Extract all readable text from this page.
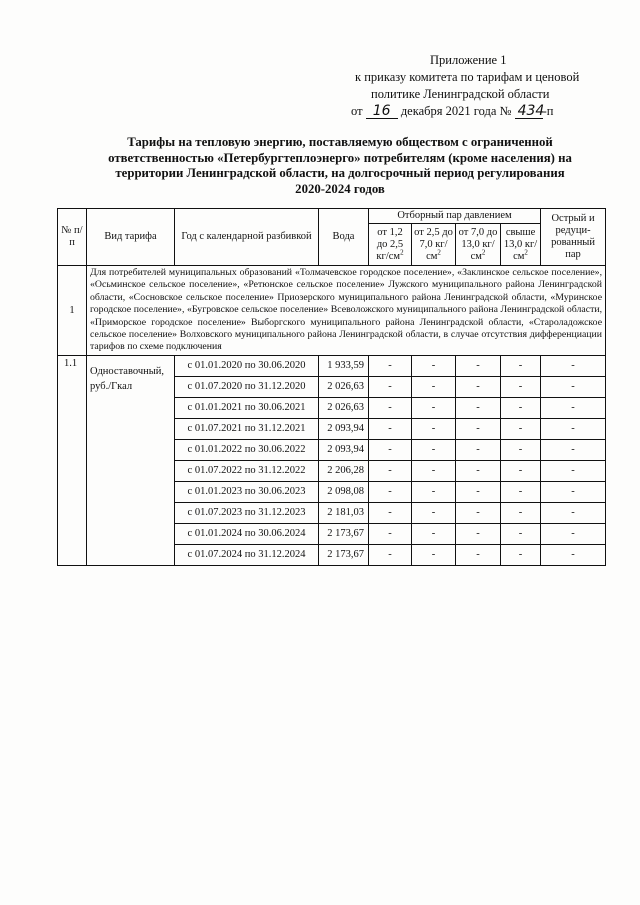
Приложение 1
к приказу комитета по тарифам и ценовой
политике Ленинградской области
от 16 декабря 2021 года № 434-п
Тарифы на тепловую энергию, поставляемую обществом с ограниченной ответственностью «Петербургтеплоэнерго» потребителям (кроме населения) на территории Ленинградской области, на долгосрочный период регулирования 2020-2024 годов
№ п/п	Вид тарифа	Год с календарной разбивкой	Вода	Отборный пар давлением				Острый и редуци- рованный пар
				от 1,2 до 2,5 $кг/см^2$	от 2,5 до 7,0 $кг/см^2$	от 7,0 до 13,0 $кг/см^2$	свыше 13,0 $кг/см^2$
1	Для потребителей муниципальных образований «Толмачевское городское поселение», «Заклинское сельское поселение», «Осьминское сельское поселение», «Ретюнское сельское поселение» Лужского муниципального района Ленинградской области, «Сосновское сельское поселение» Приозерского муниципального района Ленинградской области, «Муринское городское поселение», «Бугровское сельское поселение» Всеволожского муниципального района Ленинградской области, «Приморское городское поселение» Выборгского муниципального района Ленинградской области, «Староладожское сельское поселение» Волховского муниципального района Ленинградской области, в случае отсутствия дифференциации тарифов по схеме подключения							
1.1	Одноставочный, руб./Гкал	с 01.01.2020 по 30.06.2020	1 933,59	-	-	-	-	-
		с 01.07.2020 по 31.12.2020	2 026,63	-	-	-	-	-
		с 01.01.2021 по 30.06.2021	2 026,63	-	-	-	-	-
		с 01.07.2021 по 31.12.2021	2 093,94	-	-	-	-	-
		с 01.01.2022 по 30.06.2022	2 093,94	-	-	-	-	-
		с 01.07.2022 по 31.12.2022	2 206,28	-	-	-	-	-
		с 01.01.2023 по 30.06.2023	2 098,08	-	-	-	-	-
		с 01.07.2023 по 31.12.2023	2 181,03	-	-	-	-	-
		с 01.01.2024 по 30.06.2024	2 173,67	-	-	-	-	-
		с 01.07.2024 по 31.12.2024	2 173,67	-	-	-	-	-
